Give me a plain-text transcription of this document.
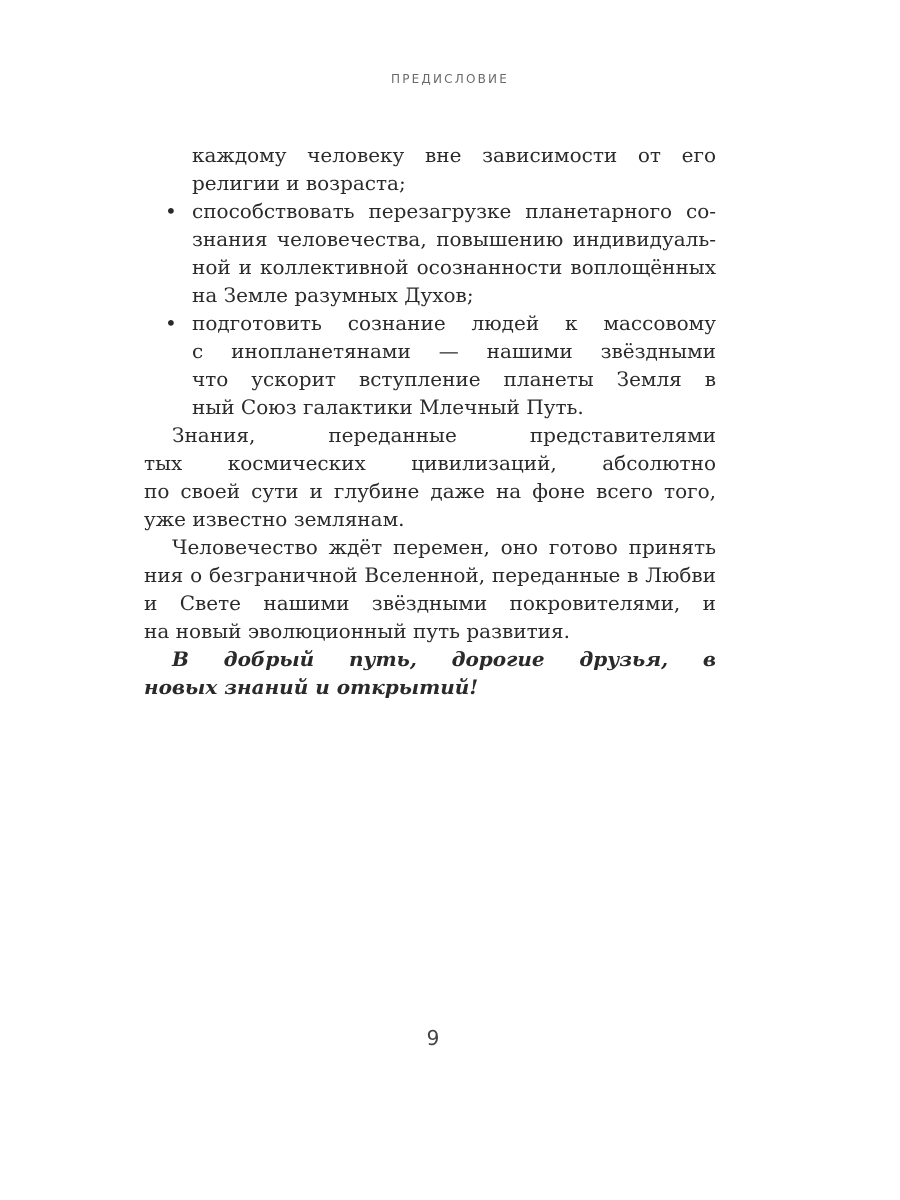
ПРЕДИСЛОВИЕ
каждому человеку вне зависимости от его
религии и возраста;
• способствовать перезагрузке планетарного со-
знания человечества, повышению индивидуаль-
ной и коллективной осознанности воплощённых
на Земле разумных Духов;
• подготовить сознание людей к массовому
с инопланетянами — нашими звёздными
что ускорит вступление планеты Земля в
ный Союз галактики Млечный Путь.
Знания, переданные представителями
тых космических цивилизаций, абсолютно
по своей сути и глубине даже на фоне всего того,
уже известно землянам.
Человечество ждёт перемен, оно готово принять
ния о безграничной Вселенной, переданные в Любви
и Свете нашими звёздными покровителями, и
на новый эволюционный путь развития.
В добрый путь, дорогие друзья, в
новых знаний и открытий!
9
